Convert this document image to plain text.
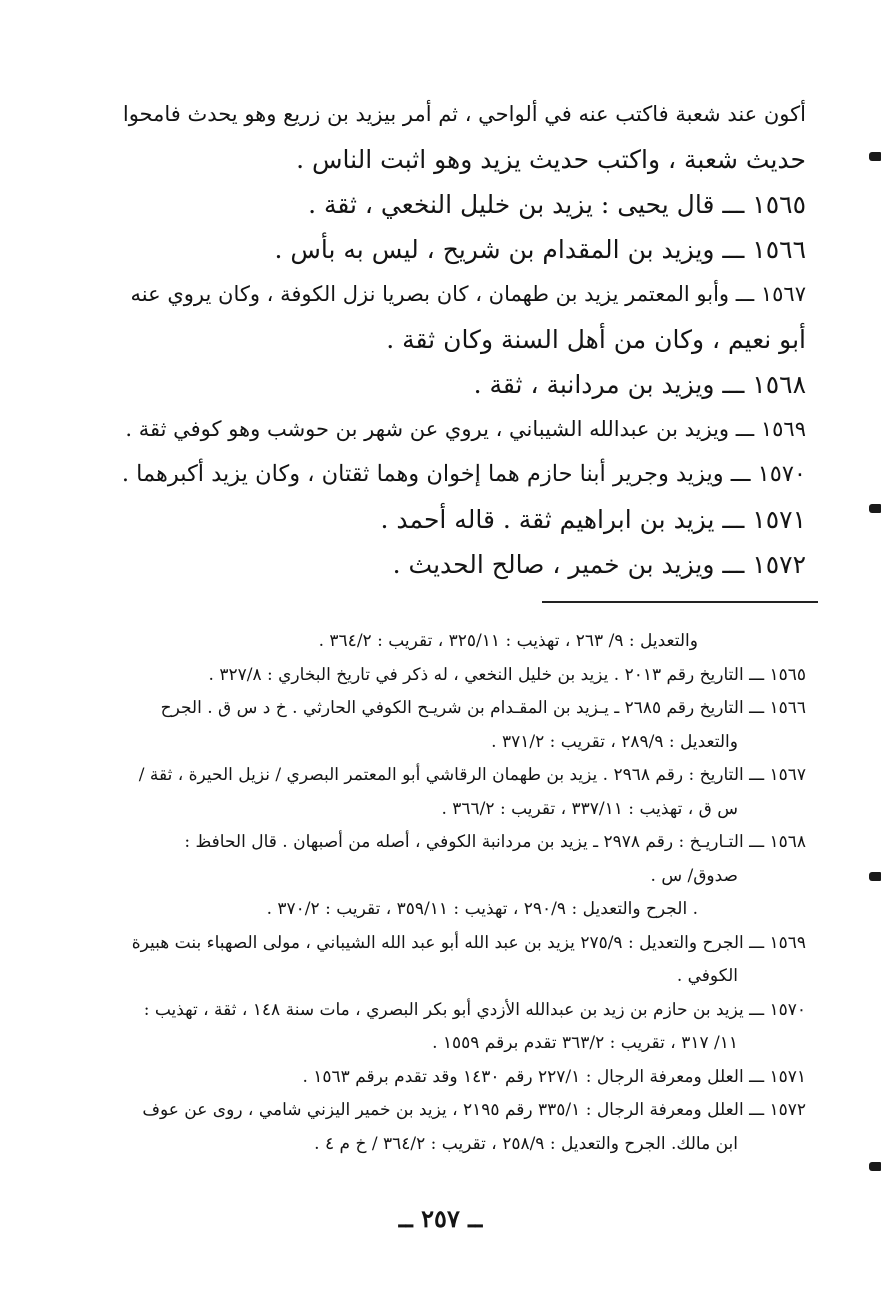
أكون عند شعبة فاكتب عنه في ألواحي ، ثم أمر بيزيد بن زريع وهو يحدث فامحوا
حديث شعبة ، واكتب حديث يزيد وهو اثبت الناس .
١٥٦٥ ـــ قال يحيى : يزيد بن خليل النخعي ، ثقة .
١٥٦٦ ـــ ويزيد بن المقدام بن شريح ، ليس به بأس .
١٥٦٧ ـــ وأبو المعتمر يزيد بن طهمان ، كان بصريا نزل الكوفة ، وكان يروي عنه
أبو نعيم ، وكان من أهل السنة وكان ثقة .
١٥٦٨ ـــ ويزيد بن مردانبة ، ثقة .
١٥٦٩ ـــ ويزيد بن عبدالله الشيباني ، يروي عن شهر بن حوشب وهو كوفي ثقة .
١٥٧٠ ـــ ويزيد وجرير أبنا حازم هما إخوان وهما ثقتان ، وكان يزيد أكبرهما .
١٥٧١ ـــ يزيد بن ابراهيم ثقة . قاله أحمد .
١٥٧٢ ـــ ويزيد بن خمير ، صالح الحديث .
والتعديل : ٩/ ٢٦٣ ، تهذيب : ٣٢٥/١١ ، تقريب : ٣٦٤/٢ .
١٥٦٥ ـــ التاريخ رقم ٢٠١٣ . يزيد بن خليل النخعي ، له ذكر في تاريخ البخاري : ٣٢٧/٨ .
١٥٦٦ ـــ التاريخ رقم ٢٦٨٥ ـ يـزيد بن المقـدام بن شريـح الكوفي الحارثي . خ د س ق . الجرح
والتعديل : ٢٨٩/٩ ، تقريب : ٣٧١/٢ .
١٥٦٧ ـــ التاريخ : رقم ٢٩٦٨ . يزيد بن طهمان الرقاشي أبو المعتمر البصري / نزيل الحيرة ، ثقة /
س ق ، تهذيب : ٣٣٧/١١ ، تقريب : ٣٦٦/٢ .
١٥٦٨ ـــ التـاريـخ : رقم ٢٩٧٨ ـ يزيد بن مردانبة الكوفي ، أصله من أصبهان . قال الحافظ :
صدوق/ س .
. الجرح والتعديل : ٢٩٠/٩ ، تهذيب : ٣٥٩/١١ ، تقريب : ٣٧٠/٢ .
١٥٦٩ ـــ الجرح والتعديل : ٢٧٥/٩ يزيد بن عبد الله أبو عبد الله الشيباني ، مولى الصهباء بنت هبيرة
الكوفي .
١٥٧٠ ـــ يزيد بن حازم بن زيد بن عبدالله الأزدي أبو بكر البصري ، مات سنة ١٤٨ ، ثقة ، تهذيب :
١١/ ٣١٧ ، تقريب : ٣٦٣/٢ تقدم برقم ١٥٥٩ .
١٥٧١ ـــ العلل ومعرفة الرجال : ٢٢٧/١ رقم ١٤٣٠ وقد تقدم برقم ١٥٦٣ .
١٥٧٢ ـــ العلل ومعرفة الرجال : ٣٣٥/١ رقم ٢١٩٥ ، يزيد بن خمير اليزني شامي ، روى عن عوف
ابن مالك. الجرح والتعديل : ٢٥٨/٩ ، تقريب : ٣٦٤/٢ / خ م ٤ .
ــ ٢٥٧ ــ
